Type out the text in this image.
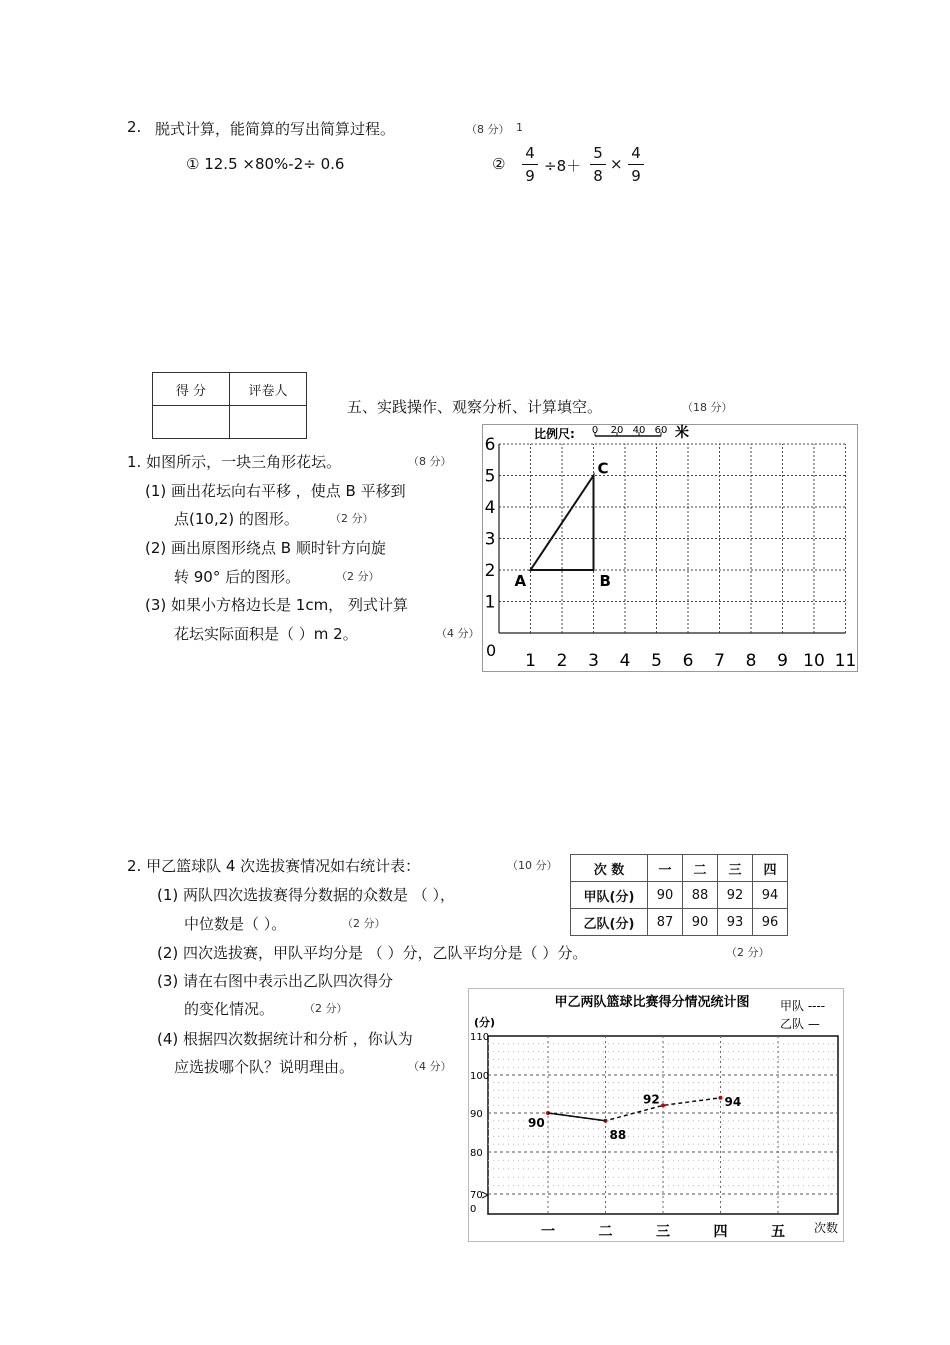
2. 脱式计算，能简算的写出简算过程。	（8 分） 1
① 12.5 ×80%-2÷ 0.6	②
4
9
÷8＋
5
8
×
4
9
得 分	评卷人

五、实践操作、观察分析、计算填空。	（18 分）
1. 如图所示，一块三角形花坛。	（8 分）
(1) 画出花坛向右平移 ，使点 B 平移到
点(10,2) 的图形。	（2 分）
(2) 画出原图形绕点 B 顺时针方向旋
转 90° 后的图形。	（2 分）
(3) 如果小方格边长是 1cm， 列式计算
花坛实际面积是（ ）m 2。	（4 分）
比例尺: 0 20 40 60 米
0
1 2 3 4 5 6 7 8 9 10 11
1
2
3
4
5
6
A	B
C
2. 甲乙篮球队 4 次选拔赛情况如右统计表：	（10 分）
(1) 两队四次选拔赛得分数据的众数是 （ ），
中位数是（ ）。	（2 分）
(2) 四次选拔赛，甲队平均分是 （ ）分，乙队平均分是（ ）分。	（2 分）
(3) 请在右图中表示出乙队四次得分
的变化情况。	（2 分）
(4) 根据四次数据统计和分析 ，你认为
应选拔哪个队？说明理由。	（4 分）
次 数	一	二	三	四
甲队(分)	90	88	92	94
乙队(分)	87	90	93	96
甲乙两队篮球比赛得分情况统计图	甲队 ----
乙队 —
(分)
次数
0
70
80
90
100
110
一	二	三	四	五
90
88
92	94
